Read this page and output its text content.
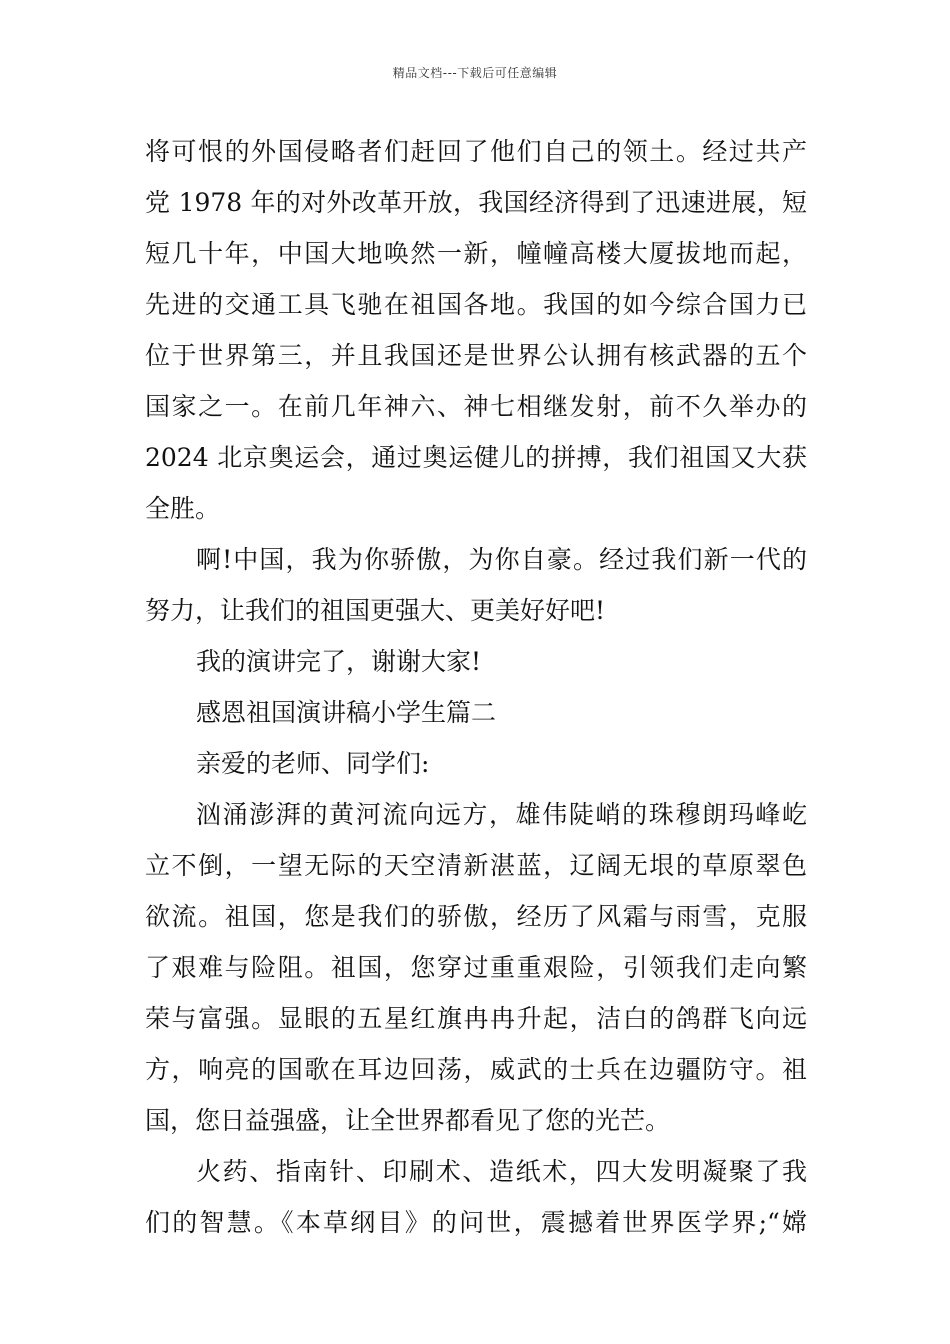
精品文档---下载后可任意编辑
将可恨的外国侵略者们赶回了他们自己的领土。经过共产
党 1978 年的对外改革开放，我国经济得到了迅速进展，短
短几十年，中国大地唤然一新，幢幢高楼大厦拔地而起，
先进的交通工具飞驰在祖国各地。我国的如今综合国力已
位于世界第三，并且我国还是世界公认拥有核武器的五个
国家之一。在前几年神六、神七相继发射，前不久举办的
2024 北京奥运会，通过奥运健儿的拼搏，我们祖国又大获
全胜。
啊!中国，我为你骄傲，为你自豪。经过我们新一代的
努力，让我们的祖国更强大、更美好好吧!
我的演讲完了，谢谢大家!
感恩祖国演讲稿小学生篇二
亲爱的老师、同学们:
汹涌澎湃的黄河流向远方，雄伟陡峭的珠穆朗玛峰屹
立不倒，一望无际的天空清新湛蓝，辽阔无垠的草原翠色
欲流。祖国，您是我们的骄傲，经历了风霜与雨雪，克服
了艰难与险阻。祖国，您穿过重重艰险，引领我们走向繁
荣与富强。显眼的五星红旗冉冉升起，洁白的鸽群飞向远
方，响亮的国歌在耳边回荡，威武的士兵在边疆防守。祖
国，您日益强盛，让全世界都看见了您的光芒。
火药、指南针、印刷术、造纸术，四大发明凝聚了我
们的智慧。《本草纲目》的问世，震撼着世界医学界;“嫦
